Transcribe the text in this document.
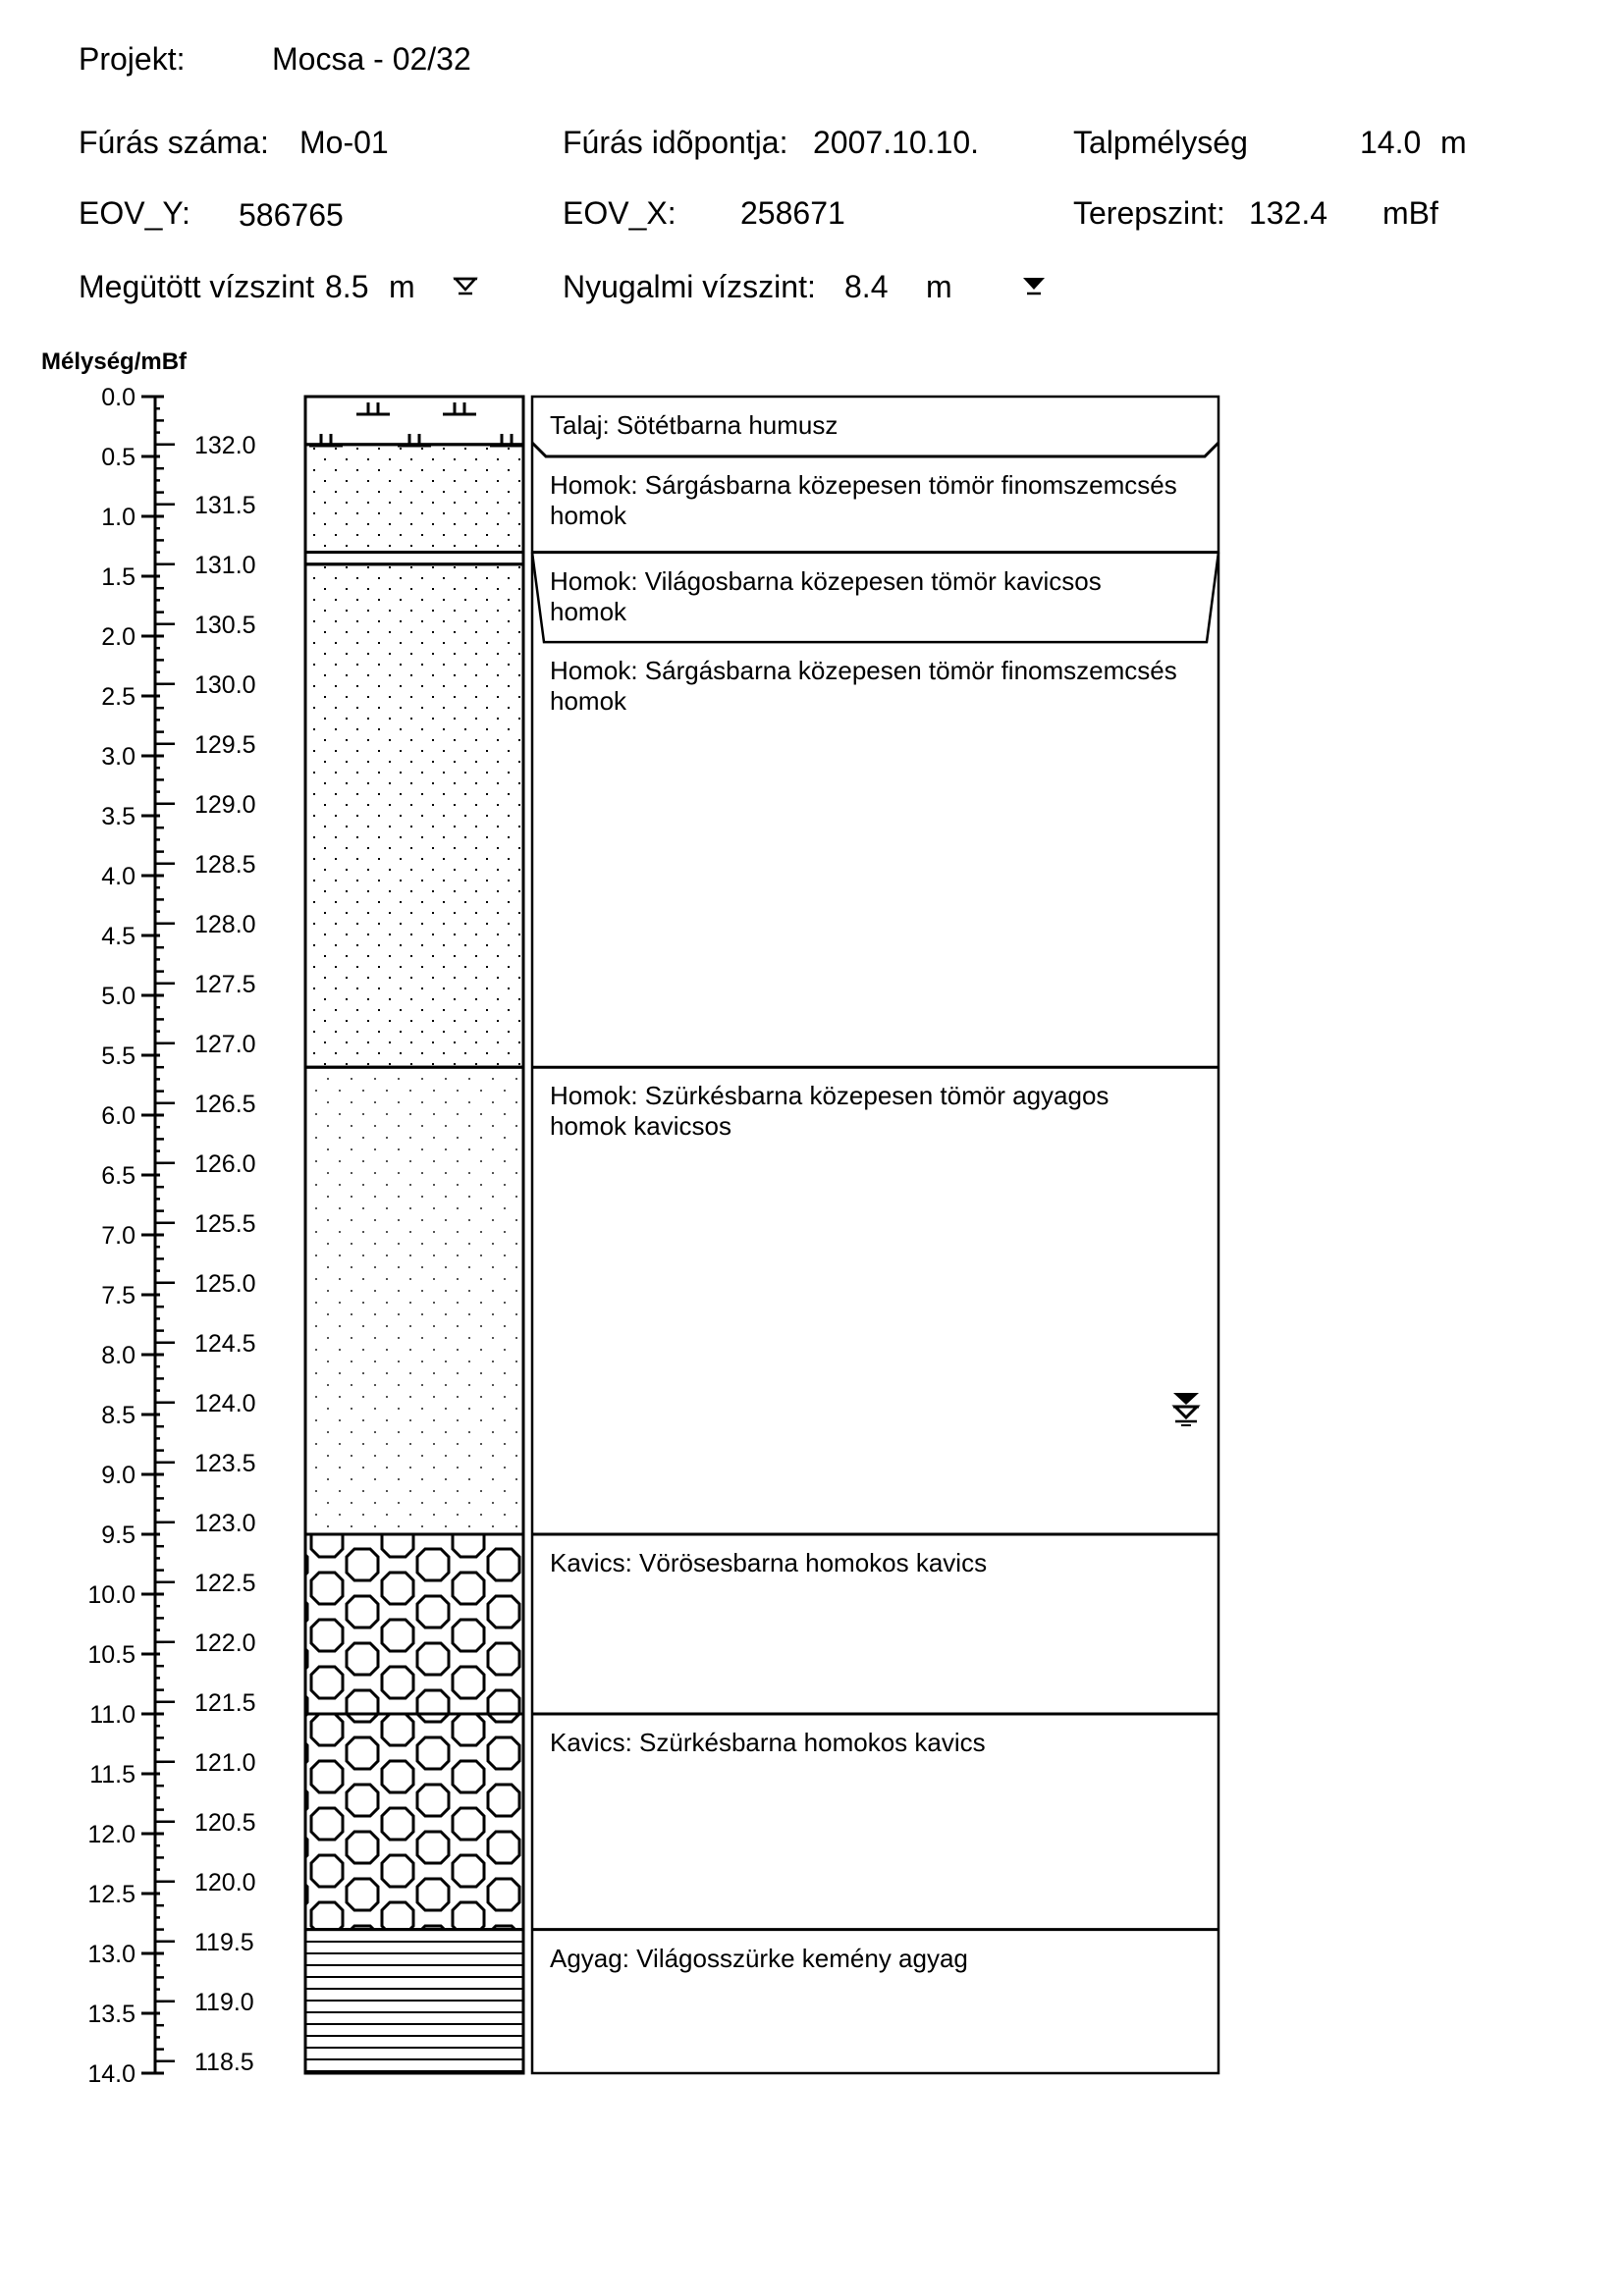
Projekt:	Mocsa - 02/32
Fúrás száma: Mo-01	Fúrás idõpontja: 2007.10.10.	Talpmélység	14.0 m
EOV_Y: 586765	EOV_X: 258671	Terepszint: 132.4 mBf
Megütött vízszint 8.5 m	Nyugalmi vízszint: 8.4 m
Mélység/mBf
0.0
0.5
1.0
1.5
2.0
2.5
3.0
3.5
4.0
4.5
5.0
5.5
6.0
6.5
7.0
7.5
8.0
8.5
9.0
9.5
10.0
10.5
11.0
11.5
12.0
12.5
13.0
13.5
14.0
132.0
131.5
131.0
130.5
130.0
129.5
129.0
128.5
128.0
127.5
127.0
126.5
126.0
125.5
125.0
124.5
124.0
123.5
123.0
122.5
122.0
121.5
121.0
120.5
120.0
119.5
119.0
118.5
Talaj: Sötétbarna humusz
Homok: Sárgásbarna közepesen tömör finomszemcsés homok
Homok: Világosbarna közepesen tömör kavicsos homok
Homok: Sárgásbarna közepesen tömör finomszemcsés homok
Homok: Szürkésbarna közepesen tömör agyagos homok kavicsos
Kavics: Vörösesbarna homokos kavics
Kavics: Szürkésbarna homokos kavics
Agyag: Világosszürke kemény agyag
